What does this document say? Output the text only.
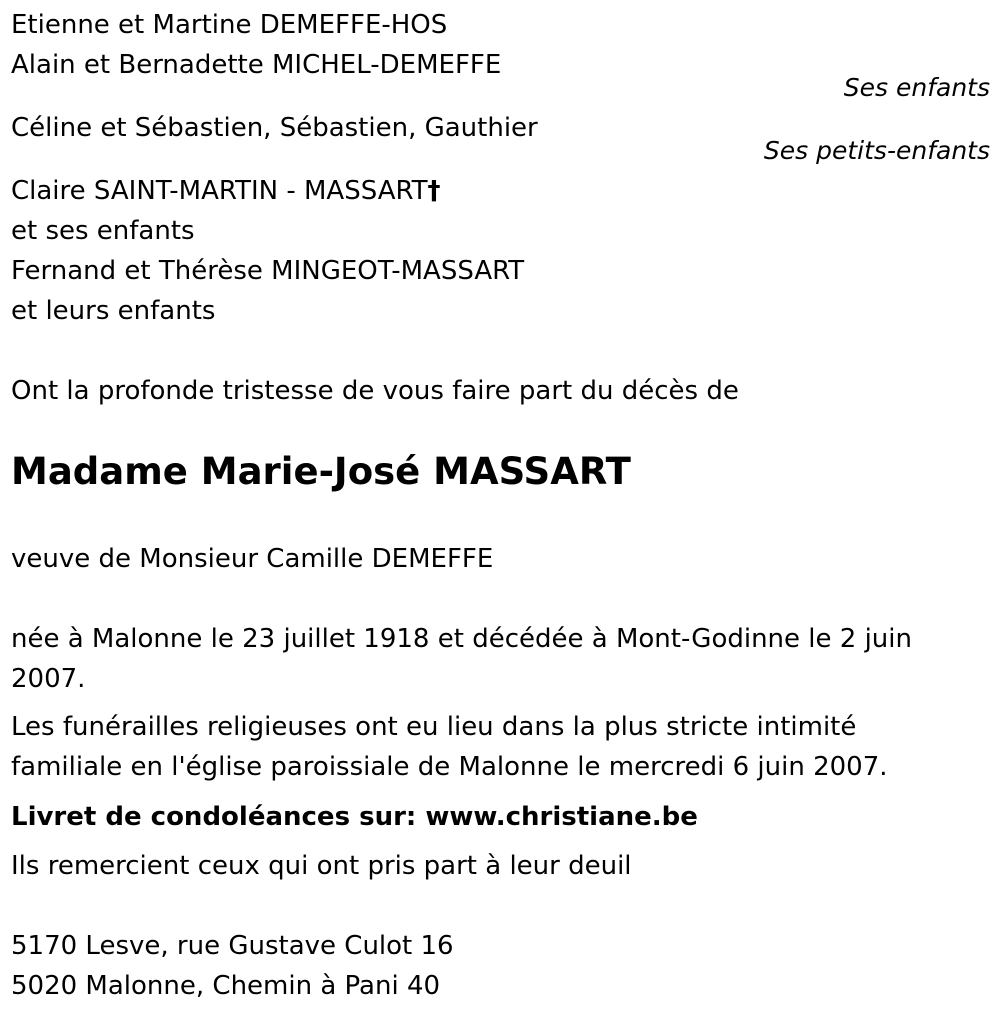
Etienne et Martine DEMEFFE-HOS
Alain et Bernadette MICHEL-DEMEFFE
Ses enfants
Céline et Sébastien, Sébastien, Gauthier
Ses petits-enfants
Claire SAINT-MARTIN - MASSART†
et ses enfants
Fernand et Thérèse MINGEOT-MASSART
et leurs enfants
Ont la profonde tristesse de vous faire part du décès de
Madame Marie-José MASSART
veuve de Monsieur Camille DEMEFFE
née à Malonne le 23 juillet 1918 et décédée à Mont-Godinne le 2 juin
2007.
Les funérailles religieuses ont eu lieu dans la plus stricte intimité
familiale en l'église paroissiale de Malonne le mercredi 6 juin 2007.
Livret de condoléances sur: www.christiane.be
Ils remercient ceux qui ont pris part à leur deuil
5170 Lesve, rue Gustave Culot 16
5020 Malonne, Chemin à Pani 40
